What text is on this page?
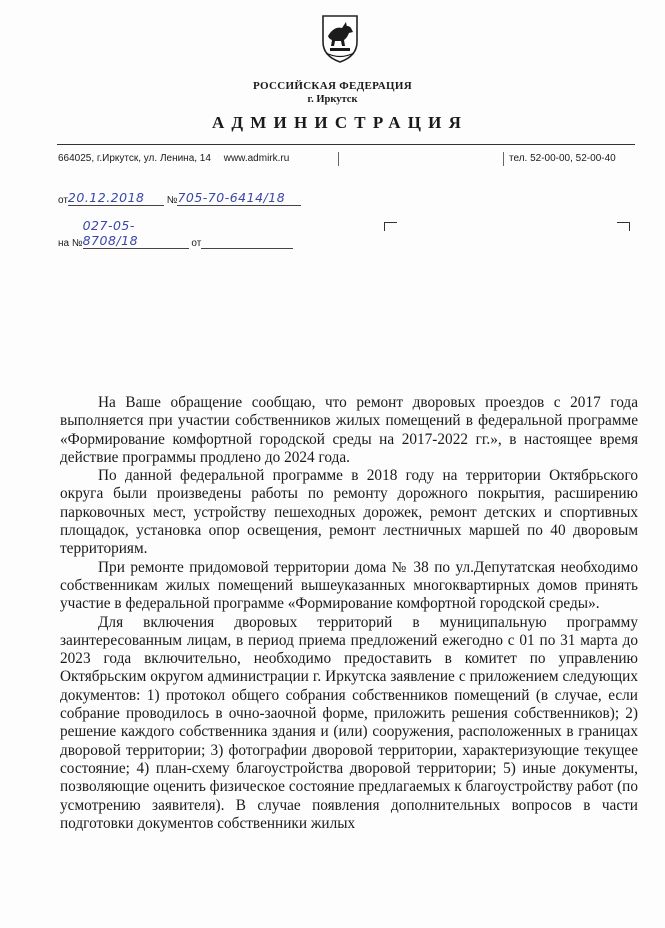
РОССИЙСКАЯ ФЕДЕРАЦИЯ
г. Иркутск
АДМИНИСТРАЦИЯ
664025, г.Иркутск, ул. Ленина, 14 www.admirk.ru	тел. 52-00-00, 52-00-40
от20.12.2018 №705-70-6414/18
на №027-05-8708/18	от

На Ваше обращение сообщаю, что ремонт дворовых проездов с 2017 года выполняется при участии собственников жилых помещений в федеральной программе «Формирование комфортной городской среды на 2017-2022 гг.», в настоящее время действие программы продлено до 2024 года.

По данной федеральной программе в 2018 году на территории Октябрьского округа были произведены работы по ремонту дорожного покрытия, расширению парковочных мест, устройству пешеходных дорожек, ремонт детских и спортивных площадок, установка опор освещения, ремонт лестничных маршей по 40 дворовым территориям.

При ремонте придомовой территории дома № 38 по ул.Депутатская необходимо собственникам жилых помещений вышеуказанных многоквартирных домов принять участие в федеральной программе «Формирование комфортной городской среды».

Для включения дворовых территорий в муниципальную программу заинтересованным лицам, в период приема предложений ежегодно с 01 по 31 марта до 2023 года включительно, необходимо предоставить в комитет по управлению Октябрьским округом администрации г. Иркутска заявление с приложением следующих документов: 1) протокол общего собрания собственников помещений (в случае, если собрание проводилось в очно-заочной форме, приложить решения собственников); 2) решение каждого собственника здания и (или) сооружения, расположенных в границах дворовой территории; 3) фотографии дворовой территории, характеризующие текущее состояние; 4) план-схему благоустройства дворовой территории; 5) иные документы, позволяющие оценить физическое состояние предлагаемых к благоустройству работ (по усмотрению заявителя). В случае появления дополнительных вопросов в части подготовки документов собственники жилых
